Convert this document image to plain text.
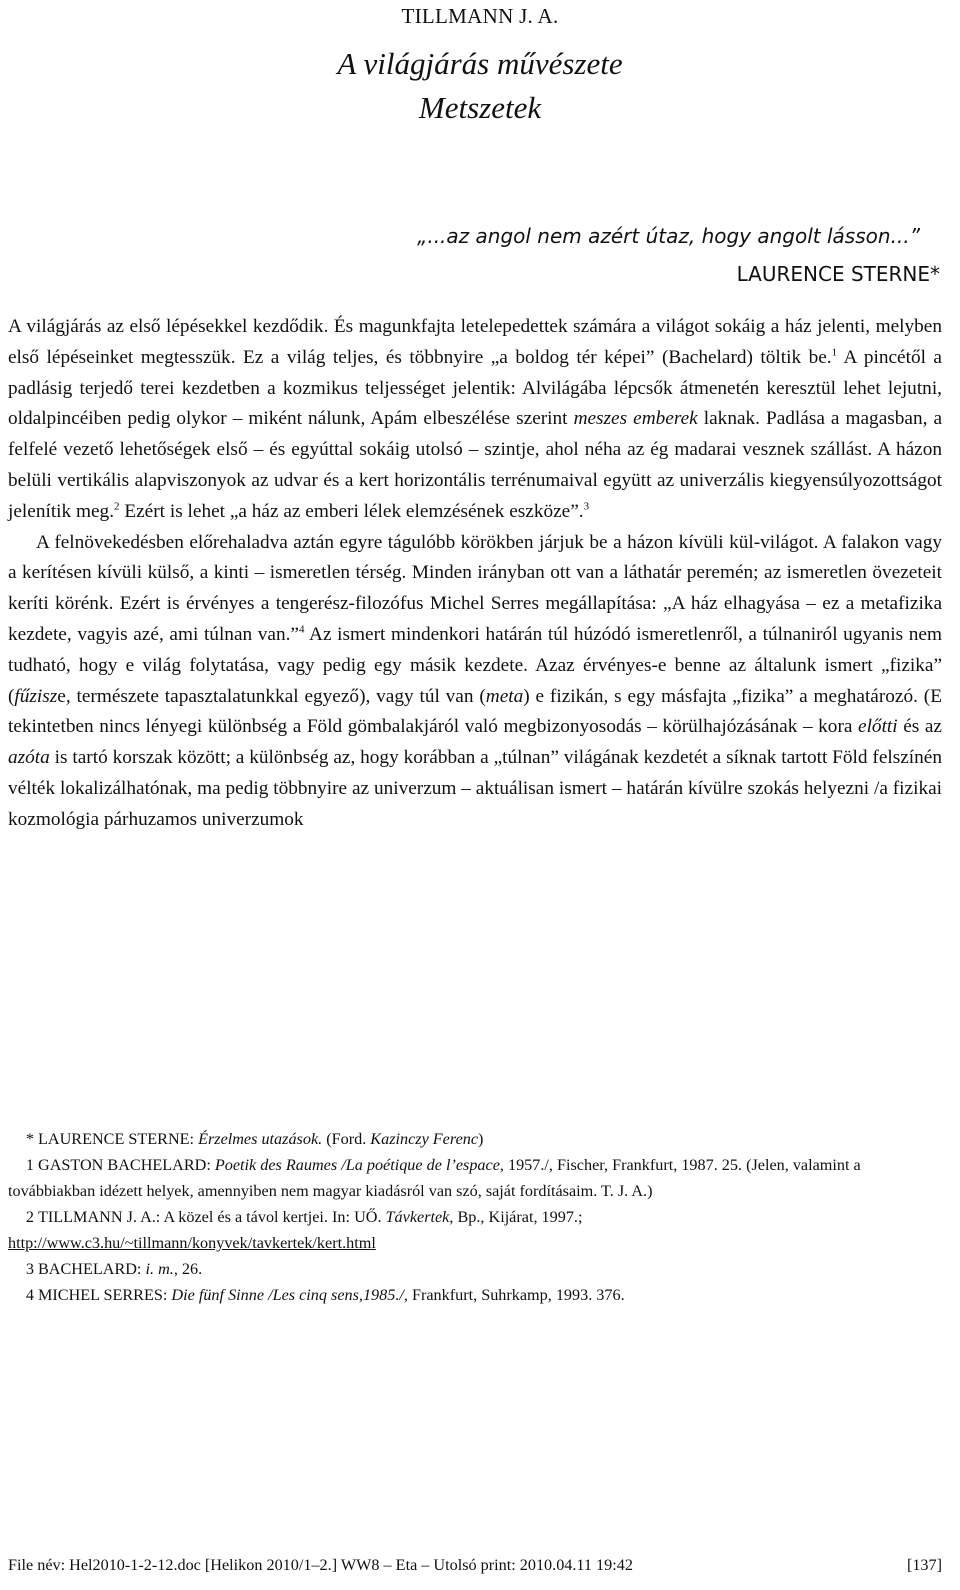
TILLMANN J. A.
A világjárás művészete
Metszetek
„...az angol nem azért útaz, hogy angolt lásson...”
LAURENCE STERNE*

A világjárás az első lépésekkel kezdődik. És magunkfajta letelepedettek számára a világot sokáig a ház jelenti, melyben első lépéseinket megtesszük. Ez a világ teljes, és többnyire „a boldog tér képei” (Bachelard) töltik be.$^1$ A pincétől a padlásig terjedő terei kezdetben a kozmikus teljességet jelentik: Alvilágába lépcsők átmenetén keresztül lehet lejutni, oldalpincéiben pedig olykor – miként nálunk, Apám elbeszélése szerint meszes emberek laknak. Padlása a magasban, a felfelé vezető lehetőségek első – és egyúttal sokáig utolsó – szintje, ahol néha az ég madarai vesznek szállást. A házon belüli vertikális alapviszonyok az udvar és a kert horizontális terrénumaival együtt az univerzális kiegyensúlyozottságot jelenítik meg.$^2$ Ezért is lehet „a ház az emberi lélek elemzésének eszköze”.$^3$

A felnövekedésben előrehaladva aztán egyre tágulóbb körökben járjuk be a házon kívüli kül-világot. A falakon vagy a kerítésen kívüli külső, a kinti – ismeretlen térség. Minden irányban ott van a láthatár peremén; az ismeretlen övezeteit keríti körénk. Ezért is érvényes a tengerész-filozófus Michel Serres megállapítása: „A ház elhagyása – ez a metafizika kezdete, vagyis azé, ami túlnan van.”$^4$ Az ismert mindenkori határán túl húzódó ismeretlenről, a túlnaniról ugyanis nem tudható, hogy e világ folytatása, vagy pedig egy másik kezdete. Azaz érvényes-e benne az általunk ismert „fizika” (fűzisze, természete tapasztalatunkkal egyező), vagy túl van (meta) e fizikán, s egy másfajta „fizika” a meghatározó. (E tekintetben nincs lényegi különbség a Föld gömbalakjáról való megbizonyosodás – körülhajózásának – kora előtti és az azóta is tartó korszak között; a különbség az, hogy korábban a „túlnan” világának kezdetét a síknak tartott Föld felszínén vélték lokalizálhatónak, ma pedig többnyire az univerzum – aktuálisan ismert – határán kívülre szokás helyezni /a fizikai kozmológia párhuzamos univerzumok

* LAURENCE STERNE: Érzelmes utazások. (Ford. Kazinczy Ferenc)

1 GASTON BACHELARD: Poetik des Raumes /La poétique de l’espace, 1957./, Fischer, Frankfurt, 1987. 25. (Jelen, valamint a továbbiakban idézett helyek, amennyiben nem magyar kiadásról van szó, saját fordításaim. T. J. A.)

2 TILLMANN J. A.: A közel és a távol kertjei. In: UŐ. Távkertek, Bp., Kijárat, 1997.;
http://www.c3.hu/~tillmann/konyvek/tavkertek/kert.html

3 BACHELARD: i. m., 26.

4 MICHEL SERRES: Die fünf Sinne /Les cinq sens,1985./, Frankfurt, Suhrkamp, 1993. 376.

File név: Hel2010-1-2-12.doc [Helikon 2010/1–2.] WW8 – Eta – Utolsó print: 2010.04.11 19:42	[137]
